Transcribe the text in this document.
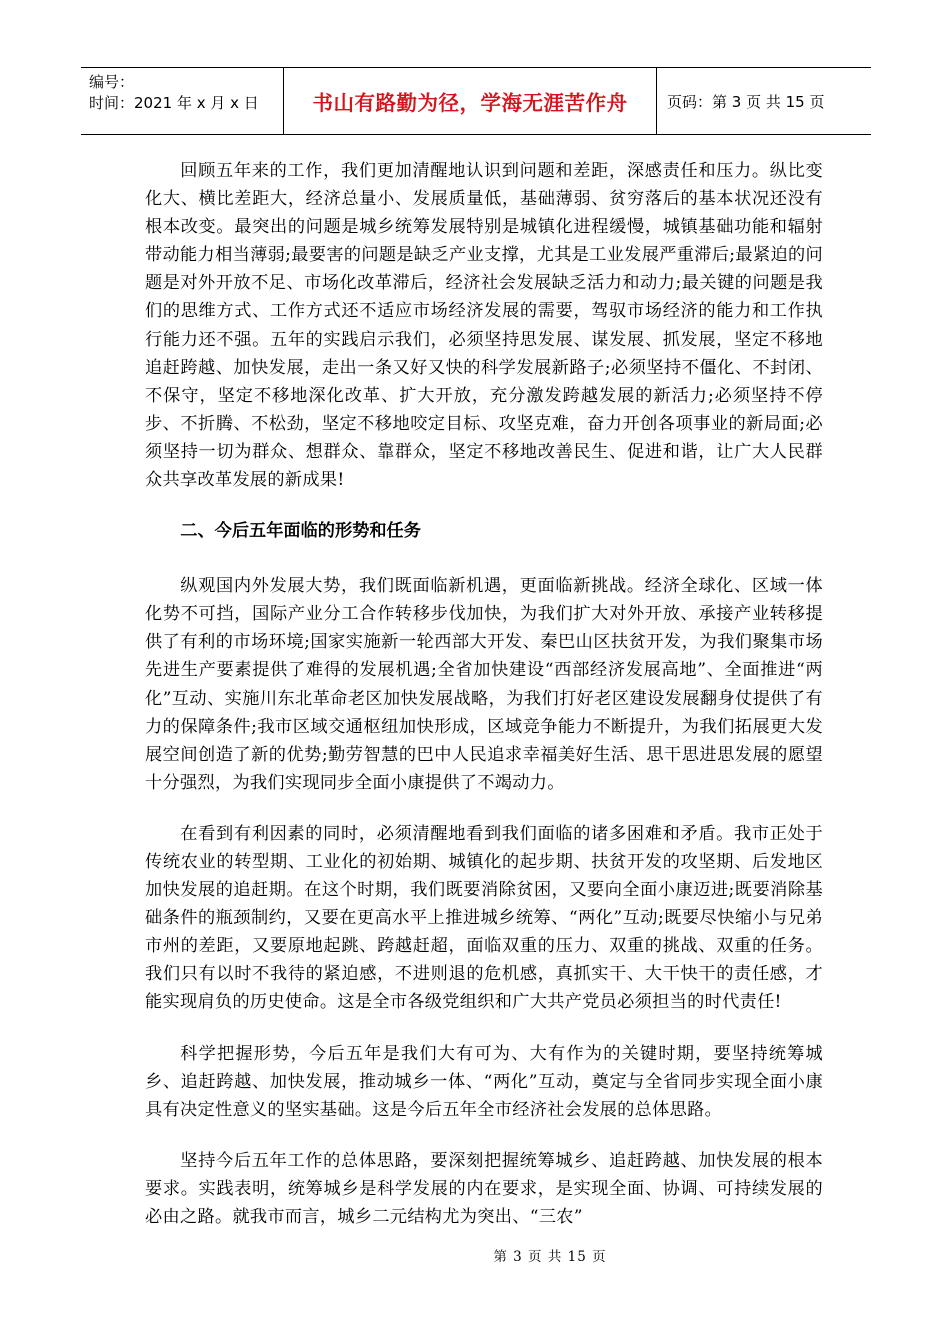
编号：
时间：2021 年 x 月 x 日	书山有路勤为径，学海无涯苦作舟	页码：第 3 页 共 15 页

回顾五年来的工作，我们更加清醒地认识到问题和差距，深感责任和压力。纵比变化大、横比差距大，经济总量小、发展质量低，基础薄弱、贫穷落后的基本状况还没有根本改变。最突出的问题是城乡统筹发展特别是城镇化进程缓慢，城镇基础功能和辐射带动能力相当薄弱;最要害的问题是缺乏产业支撑，尤其是工业发展严重滞后;最紧迫的问题是对外开放不足、市场化改革滞后，经济社会发展缺乏活力和动力;最关键的问题是我们的思维方式、工作方式还不适应市场经济发展的需要，驾驭市场经济的能力和工作执行能力还不强。五年的实践启示我们，必须坚持思发展、谋发展、抓发展，坚定不移地追赶跨越、加快发展，走出一条又好又快的科学发展新路子;必须坚持不僵化、不封闭、不保守，坚定不移地深化改革、扩大开放，充分激发跨越发展的新活力;必须坚持不停步、不折腾、不松劲，坚定不移地咬定目标、攻坚克难，奋力开创各项事业的新局面;必须坚持一切为群众、想群众、靠群众，坚定不移地改善民生、促进和谐，让广大人民群众共享改革发展的新成果!

二、今后五年面临的形势和任务

纵观国内外发展大势，我们既面临新机遇，更面临新挑战。经济全球化、区域一体化势不可挡，国际产业分工合作转移步伐加快，为我们扩大对外开放、承接产业转移提供了有利的市场环境;国家实施新一轮西部大开发、秦巴山区扶贫开发，为我们聚集市场先进生产要素提供了难得的发展机遇;全省加快建设“西部经济发展高地”、全面推进“两化”互动、实施川东北革命老区加快发展战略，为我们打好老区建设发展翻身仗提供了有力的保障条件;我市区域交通枢纽加快形成，区域竞争能力不断提升，为我们拓展更大发展空间创造了新的优势;勤劳智慧的巴中人民追求幸福美好生活、思干思进思发展的愿望十分强烈，为我们实现同步全面小康提供了不竭动力。

在看到有利因素的同时，必须清醒地看到我们面临的诸多困难和矛盾。我市正处于传统农业的转型期、工业化的初始期、城镇化的起步期、扶贫开发的攻坚期、后发地区加快发展的追赶期。在这个时期，我们既要消除贫困，又要向全面小康迈进;既要消除基础条件的瓶颈制约，又要在更高水平上推进城乡统筹、“两化”互动;既要尽快缩小与兄弟市州的差距，又要原地起跳、跨越赶超，面临双重的压力、双重的挑战、双重的任务。我们只有以时不我待的紧迫感，不进则退的危机感，真抓实干、大干快干的责任感，才能实现肩负的历史使命。这是全市各级党组织和广大共产党员必须担当的时代责任!

科学把握形势，今后五年是我们大有可为、大有作为的关键时期，要坚持统筹城乡、追赶跨越、加快发展，推动城乡一体、“两化”互动，奠定与全省同步实现全面小康具有决定性意义的坚实基础。这是今后五年全市经济社会发展的总体思路。

坚持今后五年工作的总体思路，要深刻把握统筹城乡、追赶跨越、加快发展的根本要求。实践表明，统筹城乡是科学发展的内在要求，是实现全面、协调、可持续发展的必由之路。就我市而言，城乡二元结构尤为突出、“三农”

第 3 页 共 15 页
